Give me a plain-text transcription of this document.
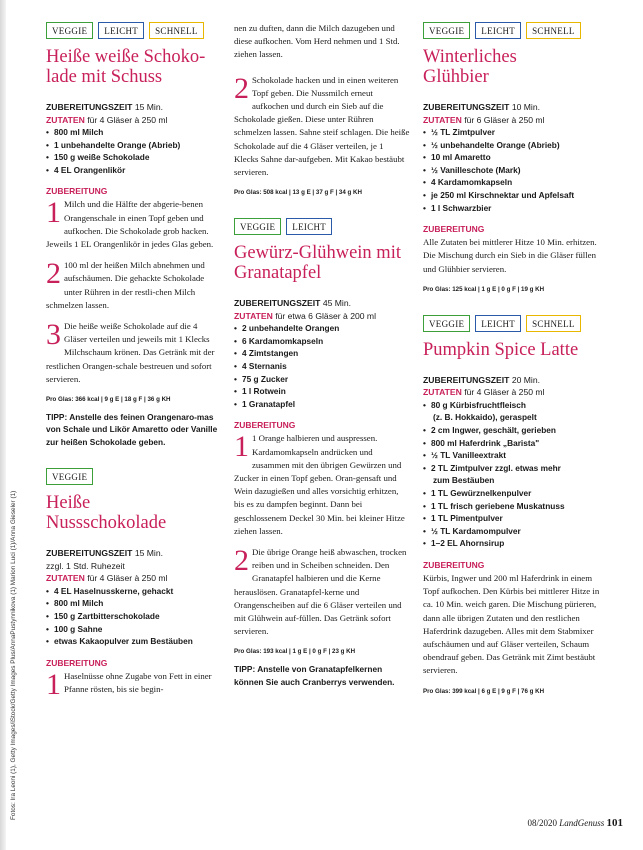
Fotos: Ira Leoni (1), Getty Images/iStock/Getty Images Plus/AnnaPustynnikova (1) Marion Luci (1)/Anna Gieseler (1)
VEGGIE	LEICHT	SCHNELL
Heiße weiße Schoko-lade mit Schuss
ZUBEREITUNGSZEIT 15 Min.
ZUTATEN für 4 Gläser à 250 ml
• 800 ml Milch
• 1 unbehandelte Orange (Abrieb)
• 150 g weiße Schokolade
• 4 EL Orangenlikör
ZUBEREITUNG
1 Milch und die Hälfte der abgerie-benen Orangenschale in einen Topf geben und aufkochen. Die Schokolade grob hacken. Jeweils 1 EL Orangenlikör in jedes Glas geben.
2 100 ml der heißen Milch abnehmen und aufschäumen. Die gehackte Schokolade unter Rühren in der restli-chen Milch schmelzen lassen.
3 Die heiße weiße Schokolade auf die 4 Gläser verteilen und jeweils mit 1 Klecks Milchschaum krönen. Das Getränk mit der restlichen Orangen-schale bestreuen und sofort servieren.
Pro Glas: 366 kcal | 9 g E | 18 g F | 36 g KH
TIPP: Anstelle des feinen Orangenaro-mas von Schale und Likör Amaretto oder Vanille zur heißen Schokolade geben.
VEGGIE
Heiße Nussschokolade
ZUBEREITUNGSZEIT 15 Min.
zzgl. 1 Std. Ruhezeit
ZUTATEN für 4 Gläser à 250 ml
• 4 EL Haselnusskerne, gehackt
• 800 ml Milch
• 150 g Zartbitterschokolade
• 100 g Sahne
• etwas Kakaopulver zum Bestäuben
ZUBEREITUNG
1 Haselnüsse ohne Zugabe von Fett in einer Pfanne rösten, bis sie begin-

nen zu duften, dann die Milch dazugeben und diese aufkochen. Vom Herd nehmen und 1 Std. ziehen lassen.

2 Schokolade hacken und in einen weiteren Topf geben. Die Nussmilch erneut aufkochen und durch ein Sieb auf die Schokolade gießen. Diese unter Rühren schmelzen lassen. Sahne steif schlagen. Die heiße Schokolade auf die 4 Gläser verteilen, je 1 Klecks Sahne dar-aufgeben. Mit Kakao bestäubt servieren.
Pro Glas: 508 kcal | 13 g E | 37 g F | 34 g KH
VEGGIE	LEICHT
Gewürz-Glühwein mit Granatapfel
ZUBEREITUNGSZEIT 45 Min.
ZUTATEN für etwa 6 Gläser à 200 ml
• 2 unbehandelte Orangen
• 6 Kardamomkapseln
• 4 Zimtstangen
• 4 Sternanis
• 75 g Zucker
• 1 l Rotwein
• 1 Granatapfel
ZUBEREITUNG
1 1 Orange halbieren und auspressen. Kardamomkapseln andrücken und zusammen mit den übrigen Gewürzen und Zucker in einen Topf geben. Oran-gensaft und Wein dazugießen und alles vorsichtig erhitzen, bis es zu dampfen beginnt. Dann bei geschlossenem Deckel 30 Min. bei kleiner Hitze ziehen lassen.
2 Die übrige Orange heiß abwaschen, trocken reiben und in Scheiben schneiden. Den Granatapfel halbieren und die Kerne herauslösen. Granatapfel-kerne und Orangenscheiben auf die 6 Gläser verteilen und mit Glühwein auf-füllen. Das Getränk sofort servieren.
Pro Glas: 193 kcal | 1 g E | 0 g F | 23 g KH
TIPP: Anstelle von Granatapfelkernen können Sie auch Cranberrys verwenden.
VEGGIE	LEICHT	SCHNELL
Winterliches Glühbier
ZUBEREITUNGSZEIT 10 Min.
ZUTATEN für 6 Gläser à 250 ml
• ½ TL Zimtpulver
• ½ unbehandelte Orange (Abrieb)
• 10 ml Amaretto
• ½ Vanilleschote (Mark)
• 4 Kardamomkapseln
• je 250 ml Kirschnektar und Apfelsaft
• 1 l Schwarzbier
ZUBEREITUNG

Alle Zutaten bei mittlerer Hitze 10 Min. erhitzen. Die Mischung durch ein Sieb in die Gläser füllen und Glühbier servieren.

Pro Glas: 125 kcal | 1 g E | 0 g F | 19 g KH
VEGGIE	LEICHT	SCHNELL
Pumpkin Spice Latte
ZUBEREITUNGSZEIT 20 Min.
ZUTATEN für 4 Gläser à 250 ml
• 80 g Kürbisfruchtfleisch
(z. B. Hokkaido), geraspelt
• 2 cm Ingwer, geschält, gerieben
• 800 ml Haferdrink „Barista"
• ½ TL Vanilleextrakt
• 2 TL Zimtpulver zzgl. etwas mehr
zum Bestäuben
• 1 TL Gewürznelkenpulver
• 1 TL frisch geriebene Muskatnuss
• 1 TL Pimentpulver
• ½ TL Kardamompulver
• 1–2 EL Ahornsirup
ZUBEREITUNG

Kürbis, Ingwer und 200 ml Haferdrink in einem Topf aufkochen. Den Kürbis bei mittlerer Hitze in ca. 10 Min. weich garen. Die Mischung pürieren, dann alle übrigen Zutaten und den restlichen Haferdrink dazugeben. Alles mit dem Stabmixer aufschäumen und auf Gläser verteilen, Schaum obendrauf geben. Das Getränk mit Zimt bestäubt servieren.

Pro Glas: 399 kcal | 6 g E | 9 g F | 76 g KH
08/2020 LandGenuss 101
